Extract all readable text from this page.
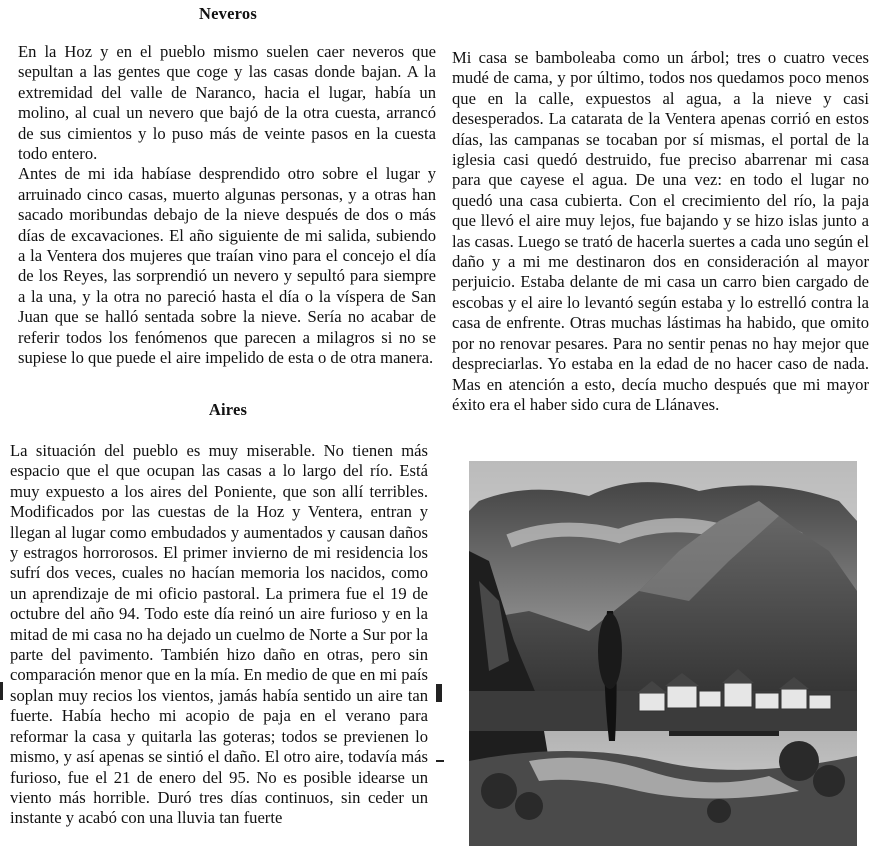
Neveros

En la Hoz y en el pueblo mismo suelen caer neveros que sepultan a las gentes que coge y las casas donde bajan. A la extremidad del valle de Naranco, hacia el lugar, había un molino, al cual un nevero que bajó de la otra cuesta, arrancó de sus cimientos y lo puso más de veinte pasos en la cuesta todo entero.

Antes de mi ida habíase desprendido otro sobre el lugar y arruinado cinco casas, muerto algunas personas, y a otras han sacado moribundas debajo de la nieve después de dos o más días de excavaciones. El año siguiente de mi salida, subiendo a la Ventera dos mujeres que traían vino para el concejo el día de los Reyes, las sorprendió un nevero y sepultó para siempre a la una, y la otra no pareció hasta el día o la víspera de San Juan que se halló sentada sobre la nieve. Sería no acabar de referir todos los fenómenos que parecen a milagros si no se supiese lo que puede el aire impelido de esta o de otra manera.

Aires

La situación del pueblo es muy miserable. No tienen más espacio que el que ocupan las casas a lo largo del río. Está muy expuesto a los aires del Poniente, que son allí terribles. Modificados por las cuestas de la Hoz y Ventera, entran y llegan al lugar como embudados y aumentados y causan daños y estragos horrorosos. El primer invierno de mi residencia los sufrí dos veces, cuales no hacían memoria los nacidos, como un aprendizaje de mi oficio pastoral. La primera fue el 19 de octubre del año 94. Todo este día reinó un aire furioso y en la mitad de mi casa no ha dejado un cuelmo de Norte a Sur por la parte del pavimento. También hizo daño en otras, pero sin comparación menor que en la mía. En medio de que en mi país soplan muy recios los vientos, jamás había sentido un aire tan fuerte. Había hecho mi acopio de paja en el verano para reformar la casa y quitarla las goteras; todos se previenen lo mismo, y así apenas se sintió el daño. El otro aire, todavía más furioso, fue el 21 de enero del 95. No es posible idearse un viento más horrible. Duró tres días continuos, sin ceder un instante y acabó con una lluvia tan fuerte

Mi casa se bamboleaba como un árbol; tres o cuatro veces mudé de cama, y por último, todos nos quedamos poco menos que en la calle, expuestos al agua, a la nieve y casi desesperados. La catarata de la Ventera apenas corrió en estos días, las campanas se tocaban por sí mismas, el portal de la iglesia casi quedó destruido, fue preciso abarrenar mi casa para que cayese el agua. De una vez: en todo el lugar no quedó una casa cubierta. Con el crecimiento del río, la paja que llevó el aire muy lejos, fue bajando y se hizo islas junto a las casas. Luego se trató de hacerla suertes a cada uno según el daño y a mi me destinaron dos en consideración al mayor perjuicio. Estaba delante de mi casa un carro bien cargado de escobas y el aire lo levantó según estaba y lo estrelló contra la casa de enfrente. Otras muchas lástimas ha habido, que omito por no renovar pesares. Para no sentir penas no hay mejor que despreciarlas. Yo estaba en la edad de no hacer caso de nada. Mas en atención a esto, decía mucho después que mi mayor éxito era el haber sido cura de Llánaves.
